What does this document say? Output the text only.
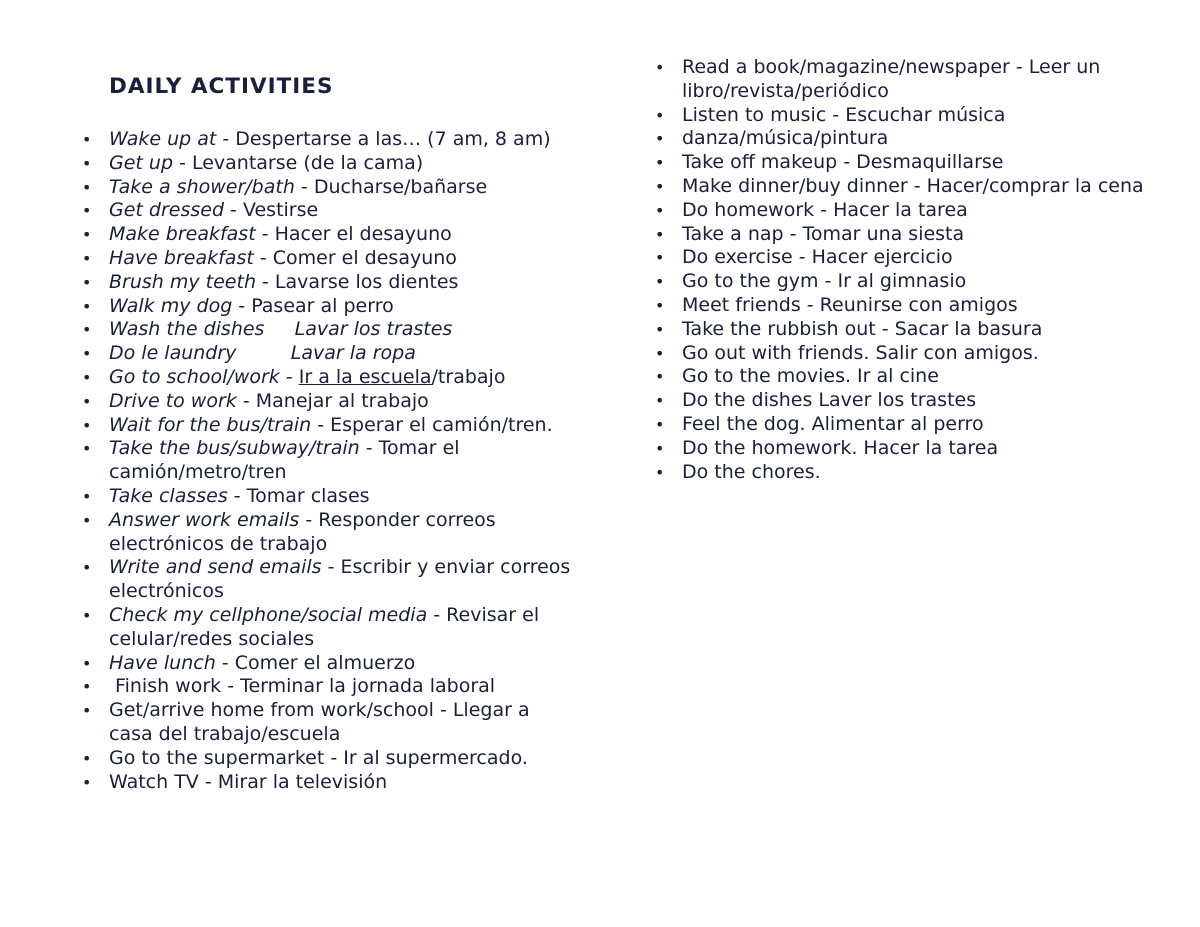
DAILY ACTIVITIES
• Wake up at - Despertarse a las… (7 am, 8 am)
• Get up - Levantarse (de la cama)
• Take a shower/bath - Ducharse/bañarse
• Get dressed - Vestirse
• Make breakfast - Hacer el desayuno
• Have breakfast - Comer el desayuno
• Brush my teeth - Lavarse los dientes
• Walk my dog - Pasear al perro
• Wash the dishes Lavar los trastes
• Do le laundry	Lavar la ropa
• Go to school/work - Ir a la escuela/trabajo
• Drive to work - Manejar al trabajo
• Wait for the bus/train - Esperar el camión/tren.
• Take the bus/subway/train - Tomar el camión/metro/tren
• Take classes - Tomar clases
• Answer work emails - Responder correos electrónicos de trabajo
• Write and send emails - Escribir y enviar correos electrónicos
• Check my cellphone/social media - Revisar el celular/redes sociales
• Have lunch - Comer el almuerzo
•  Finish work - Terminar la jornada laboral
• Get/arrive home from work/school - Llegar a casa del trabajo/escuela
• Go to the supermarket - Ir al supermercado.
• Watch TV - Mirar la televisión
• Read a book/magazine/newspaper - Leer un libro/revista/periódico
• Listen to music - Escuchar música
• danza/música/pintura
• Take off makeup - Desmaquillarse
• Make dinner/buy dinner - Hacer/comprar la cena
• Do homework - Hacer la tarea
• Take a nap - Tomar una siesta
• Do exercise - Hacer ejercicio
• Go to the gym - Ir al gimnasio
• Meet friends - Reunirse con amigos
• Take the rubbish out - Sacar la basura
• Go out with friends. Salir con amigos.
• Go to the movies. Ir al cine
• Do the dishes Laver los trastes
• Feel the dog. Alimentar al perro
• Do the homework. Hacer la tarea
• Do the chores.
